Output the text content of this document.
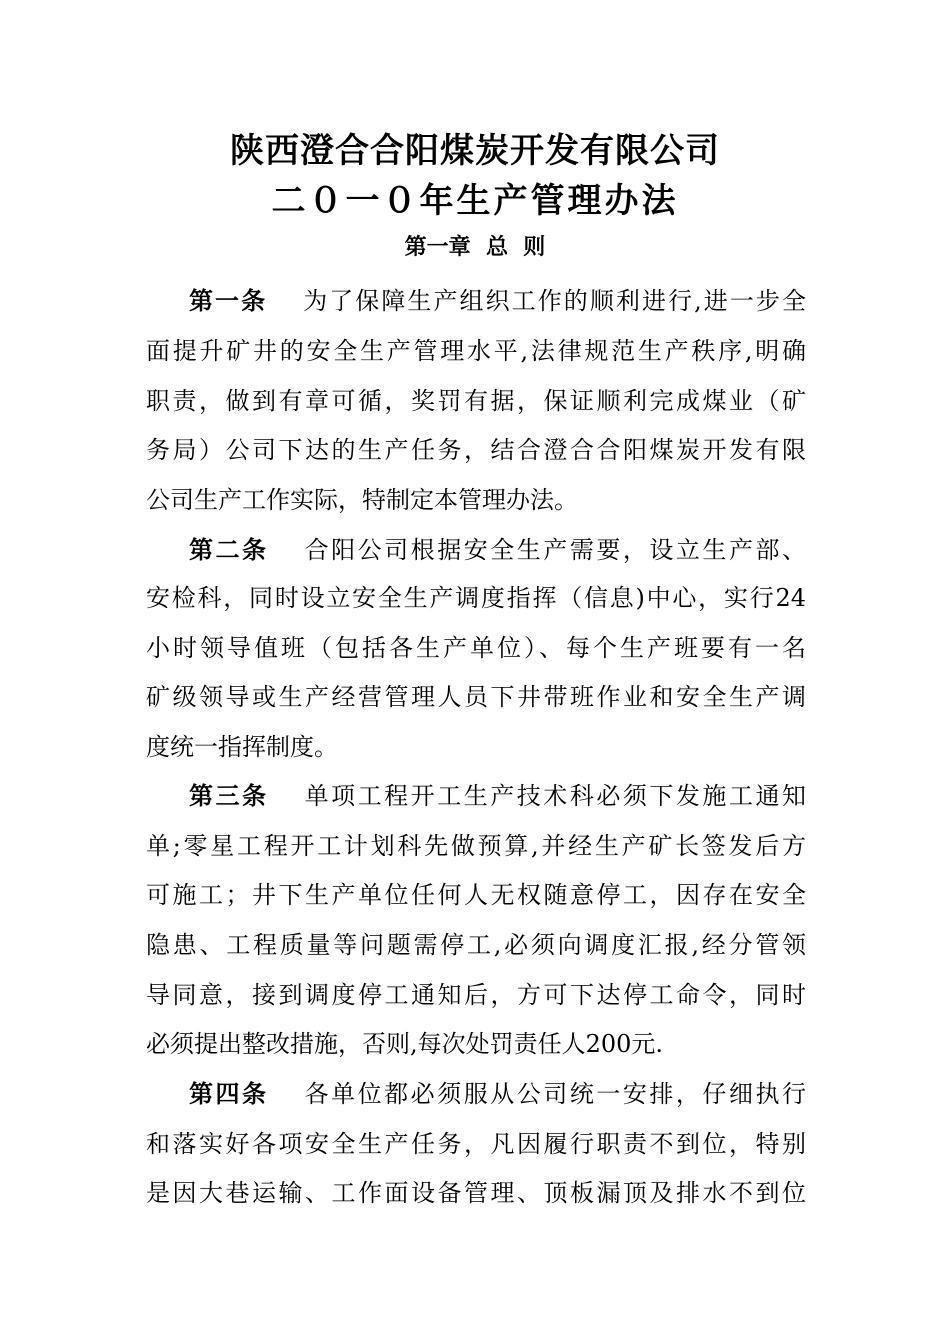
陕西澄合合阳煤炭开发有限公司
二０一０年生产管理办法
第一章  总  则
第一条 为了保障生产组织工作的顺利进行,进一步全
面提升矿井的安全生产管理水平,法律规范生产秩序,明确
职责，做到有章可循，奖罚有据，保证顺利完成煤业（矿
务局）公司下达的生产任务，结合澄合合阳煤炭开发有限
公司生产工作实际，特制定本管理办法。
第二条 合阳公司根据安全生产需要，设立生产部、
安检科，同时设立安全生产调度指挥（信息)中心，实行24
小时领导值班（包括各生产单位）、每个生产班要有一名
矿级领导或生产经营管理人员下井带班作业和安全生产调
度统一指挥制度。
第三条 单项工程开工生产技术科必须下发施工通知
单;零星工程开工计划科先做预算,并经生产矿长签发后方
可施工；井下生产单位任何人无权随意停工，因存在安全
隐患、工程质量等问题需停工,必须向调度汇报,经分管领
导同意，接到调度停工通知后，方可下达停工命令，同时
必须提出整改措施，否则,每次处罚责任人200元.
第四条 各单位都必须服从公司统一安排，仔细执行
和落实好各项安全生产任务，凡因履行职责不到位，特别
是因大巷运输、工作面设备管理、顶板漏顶及排水不到位
